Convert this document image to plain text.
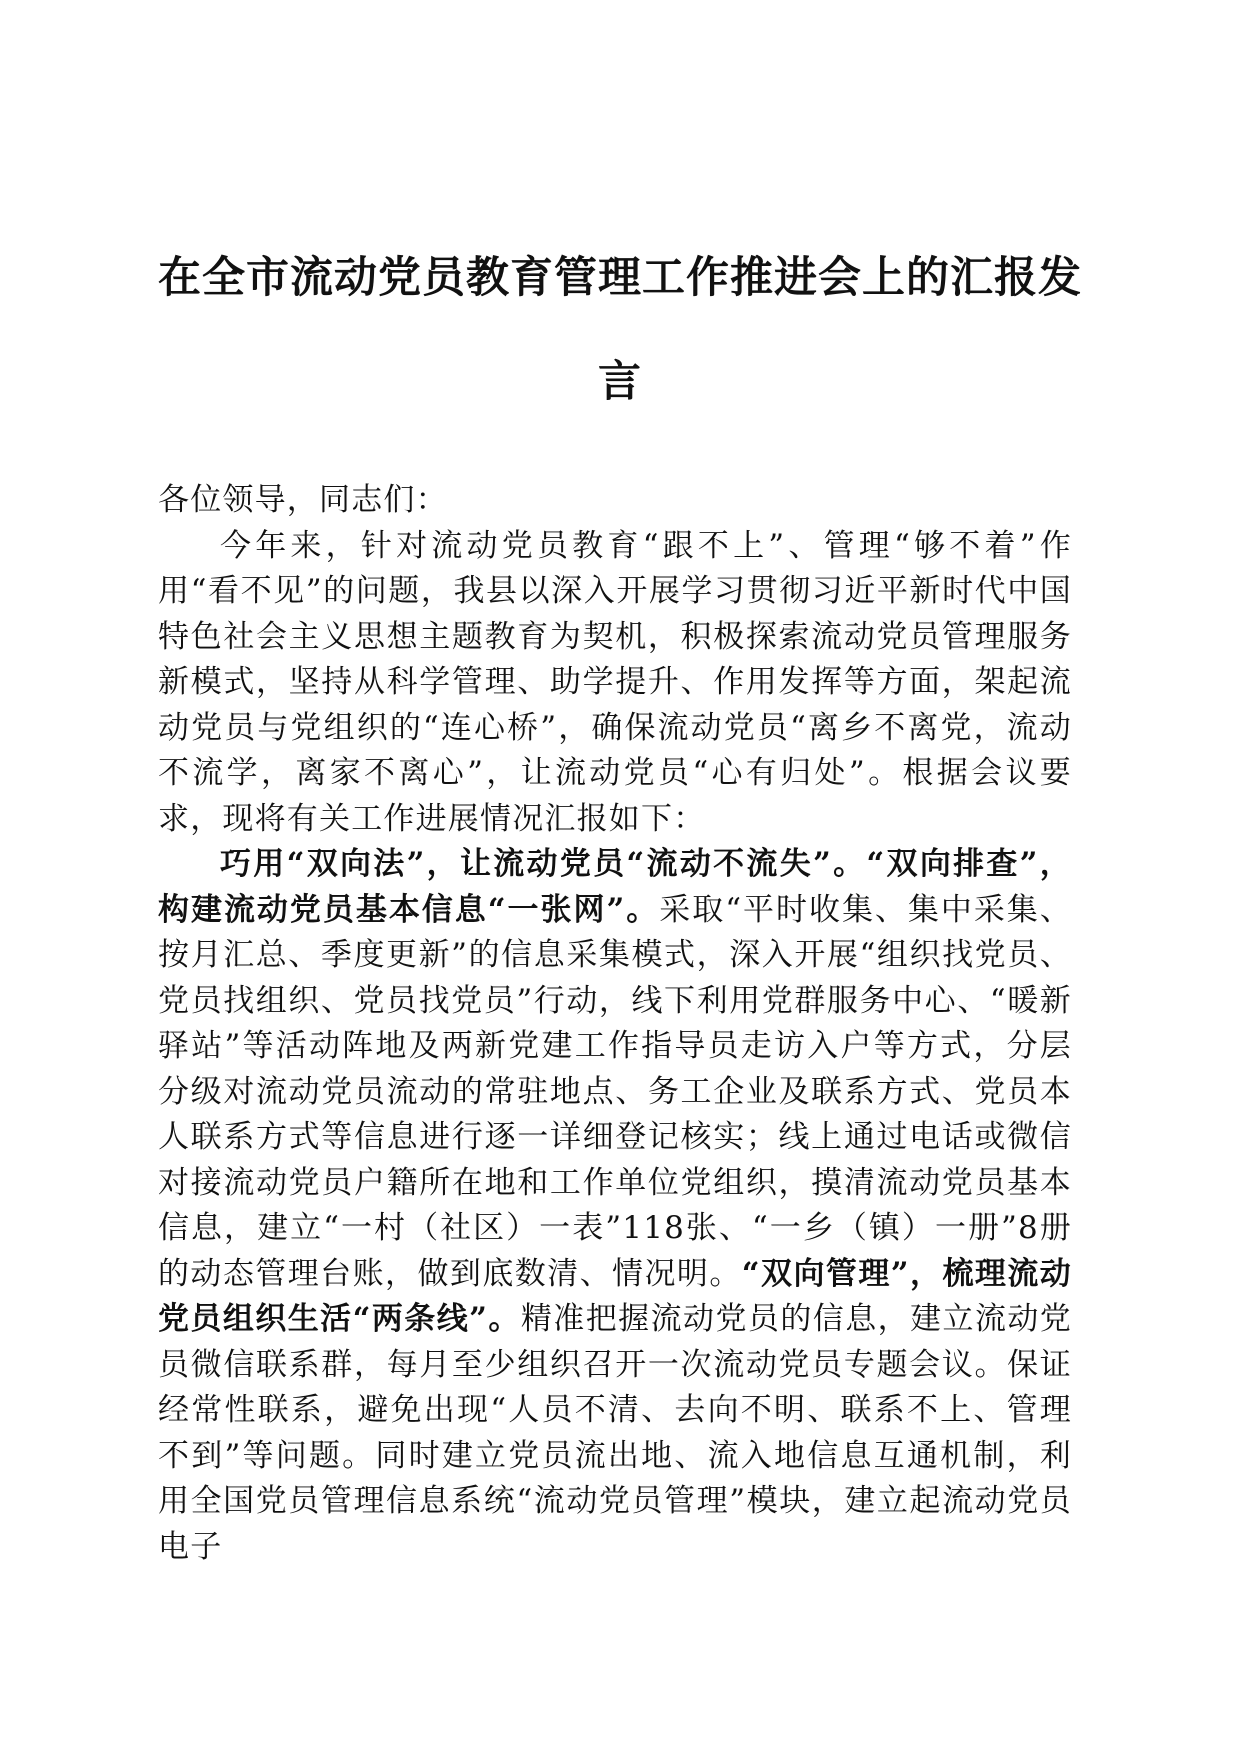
在全市流动党员教育管理工作推进会上的汇报发言

各位领导，同志们：

今年来，针对流动党员教育“跟不上”、管理“够不着”作用“看不见”的问题，我县以深入开展学习贯彻习近平新时代中国特色社会主义思想主题教育为契机，积极探索流动党员管理服务新模式，坚持从科学管理、助学提升、作用发挥等方面，架起流动党员与党组织的“连心桥”，确保流动党员“离乡不离党，流动不流学，离家不离心”，让流动党员“心有归处”。根据会议要求，现将有关工作进展情况汇报如下：

巧用“双向法”，让流动党员“流动不流失”。“双向排查”，构建流动党员基本信息“一张网”。采取“平时收集、集中采集、按月汇总、季度更新”的信息采集模式，深入开展“组织找党员、党员找组织、党员找党员”行动，线下利用党群服务中心、“暖新驿站”等活动阵地及两新党建工作指导员走访入户等方式，分层分级对流动党员流动的常驻地点、务工企业及联系方式、党员本人联系方式等信息进行逐一详细登记核实；线上通过电话或微信对接流动党员户籍所在地和工作单位党组织，摸清流动党员基本信息，建立“一村（社区）一表”118张、“一乡（镇）一册”8册的动态管理台账，做到底数清、情况明。“双向管理”，梳理流动党员组织生活“两条线”。精准把握流动党员的信息，建立流动党员微信联系群，每月至少组织召开一次流动党员专题会议。保证经常性联系，避免出现“人员不清、去向不明、联系不上、管理不到”等问题。同时建立党员流出地、流入地信息互通机制，利用全国党员管理信息系统“流动党员管理”模块，建立起流动党员电子
